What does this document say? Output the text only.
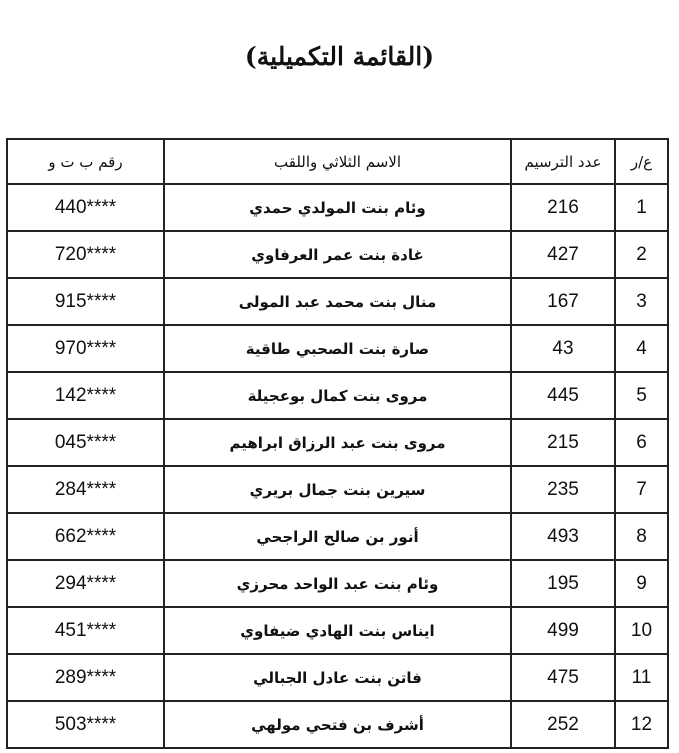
(القائمة التكميلية)
رقم ب ت و	الاسم الثلاثي واللقب	عدد الترسيم	ع/ر
440****	وئام بنت المولدي حمدي	216	1
720****	غادة بنت عمر العرفاوي	427	2
915****	منال بنت محمد عبد المولى	167	3
970****	صارة بنت الصحبي طاقية	43	4
142****	مروى بنت كمال بوعجيلة	445	5
045****	مروى بنت عبد الرزاق ابراهيم	215	6
284****	سيرين بنت جمال بريري	235	7
662****	أنور بن صالح الراجحي	493	8
294****	وئام بنت عبد الواحد محرزي	195	9
451****	ايناس بنت الهادي ضيفاوي	499	10
289****	فاتن بنت عادل الجبالي	475	11
503****	أشرف بن فتحي مولهي	252	12
